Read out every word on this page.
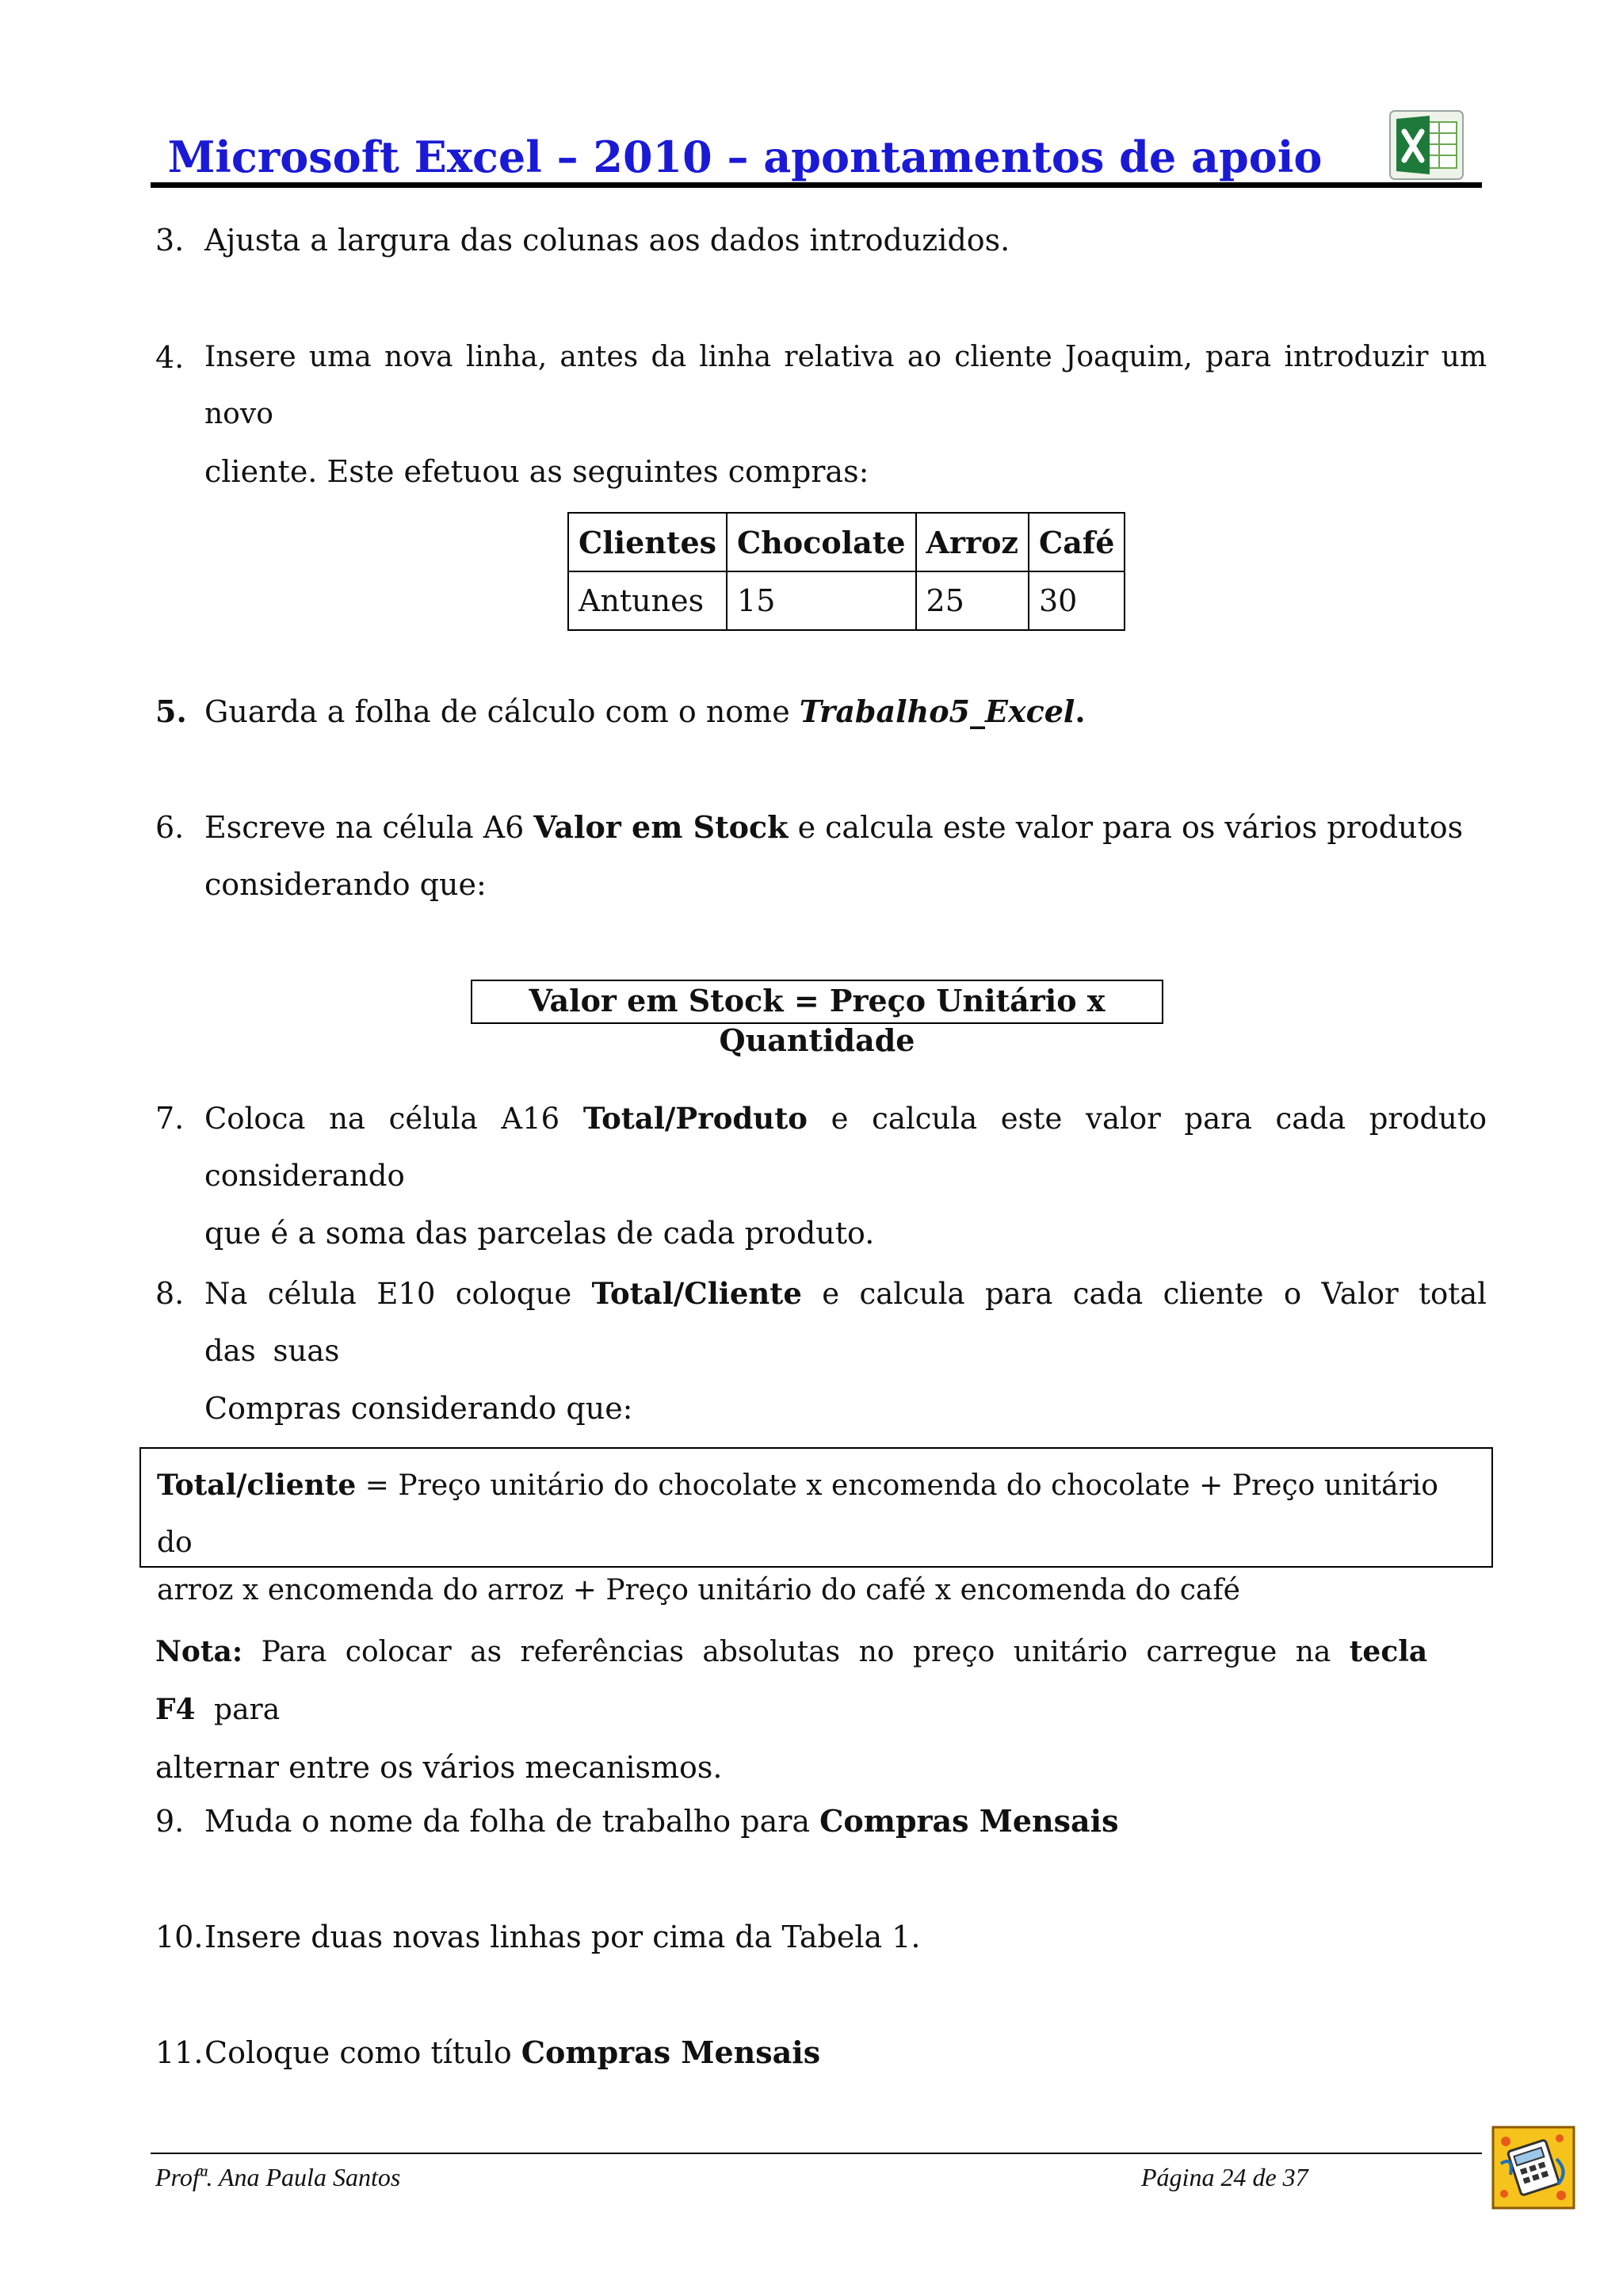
Microsoft Excel – 2010 – apontamentos de apoio
3. Ajusta a largura das colunas aos dados introduzidos.
4. Insere uma nova linha, antes da linha relativa ao cliente Joaquim, para introduzir um novo
cliente. Este efetuou as seguintes compras:
Clientes	Chocolate	Arroz	Café
Antunes	15	25	30
5. Guarda a folha de cálculo com o nome Trabalho5_Excel.
6. Escreve na célula A6 Valor em Stock e calcula este valor para os vários produtos
considerando que:
Valor em Stock = Preço Unitário x Quantidade
7. Coloca na célula A16 Total/Produto e calcula este valor para cada produto considerando
que é a soma das parcelas de cada produto.
8. Na célula E10 coloque Total/Cliente e calcula para cada cliente o Valor total das suas
Compras considerando que:
Total/cliente = Preço unitário do chocolate x encomenda do chocolate + Preço unitário do
arroz x encomenda do arroz + Preço unitário do café x encomenda do café
Nota: Para colocar as referências absolutas no preço unitário carregue na tecla F4 para
alternar entre os vários mecanismos.
9. Muda o nome da folha de trabalho para Compras Mensais
10. Insere duas novas linhas por cima da Tabela 1.
11. Coloque como título Compras Mensais
Profª. Ana Paula Santos	Página 24 de 37
